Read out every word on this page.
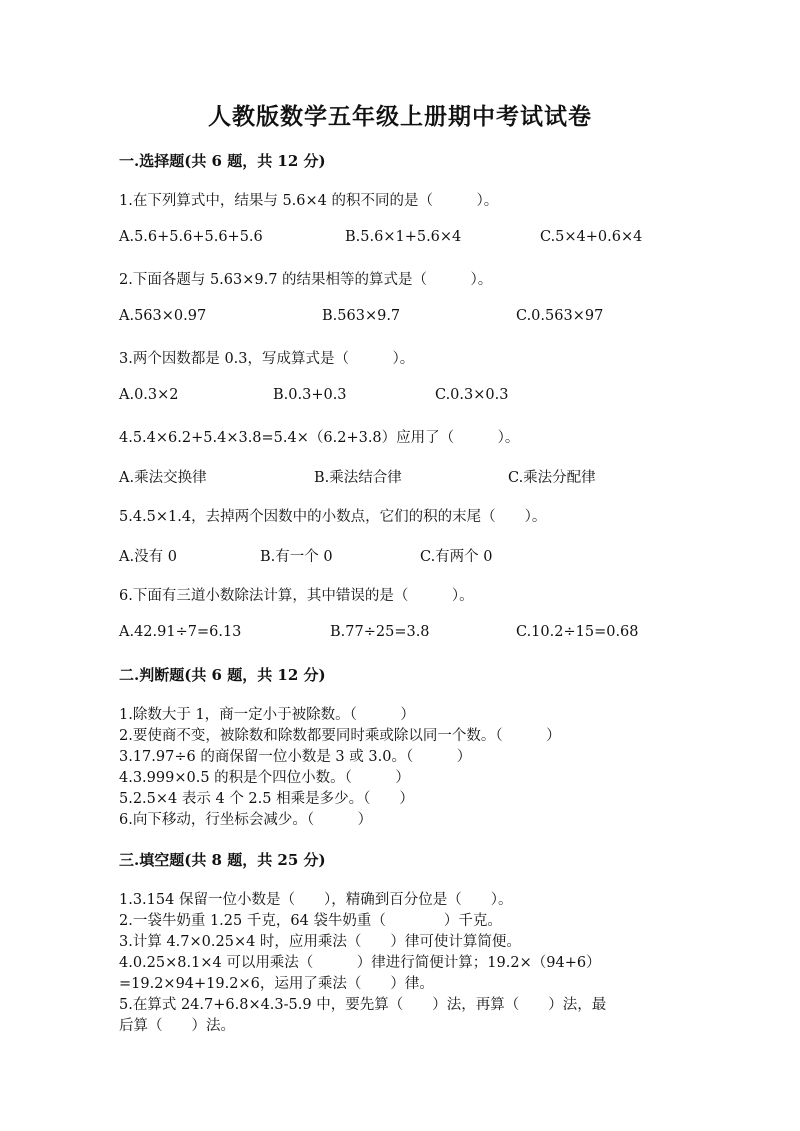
人教版数学五年级上册期中考试试卷
一.选择题(共 6 题，共 12 分)
1.在下列算式中，结果与 5.6×4 的积不同的是（　　　）。
A.5.6+5.6+5.6+5.6	B.5.6×1+5.6×4	C.5×4+0.6×4
2.下面各题与 5.63×9.7 的结果相等的算式是（　　　）。
A.563×0.97	B.563×9.7	C.0.563×97
3.两个因数都是 0.3，写成算式是（　　　）。
A.0.3×2	B.0.3+0.3	C.0.3×0.3
4.5.4×6.2+5.4×3.8=5.4×（6.2+3.8）应用了（　　　）。
A.乘法交换律	B.乘法结合律	C.乘法分配律
5.4.5×1.4，去掉两个因数中的小数点，它们的积的末尾（　　）。
A.没有 0	B.有一个 0	C.有两个 0
6.下面有三道小数除法计算，其中错误的是（　　　）。
A.42.91÷7=6.13	B.77÷25=3.8	C.10.2÷15=0.68
二.判断题(共 6 题，共 12 分)
1.除数大于 1，商一定小于被除数。（　　　）
2.要使商不变，被除数和除数都要同时乘或除以同一个数。（　　　）
3.17.97÷6 的商保留一位小数是 3 或 3.0。（　　　）
4.3.999×0.5 的积是个四位小数。（　　　）
5.2.5×4 表示 4 个 2.5 相乘是多少。（　　）
6.向下移动，行坐标会减少。（　　　）
三.填空题(共 8 题，共 25 分)
1.3.154 保留一位小数是（　　），精确到百分位是（　　）。
2.一袋牛奶重 1.25 千克，64 袋牛奶重（　　　　）千克。
3.计算 4.7×0.25×4 时，应用乘法（　　）律可使计算简便。
4.0.25×8.1×4 可以用乘法（　　　）律进行简便计算；19.2×（94+6）
=19.2×94+19.2×6，运用了乘法（　　）律。
5.在算式 24.7+6.8×4.3-5.9 中，要先算（　　）法，再算（　　）法，最
后算（　　）法。
